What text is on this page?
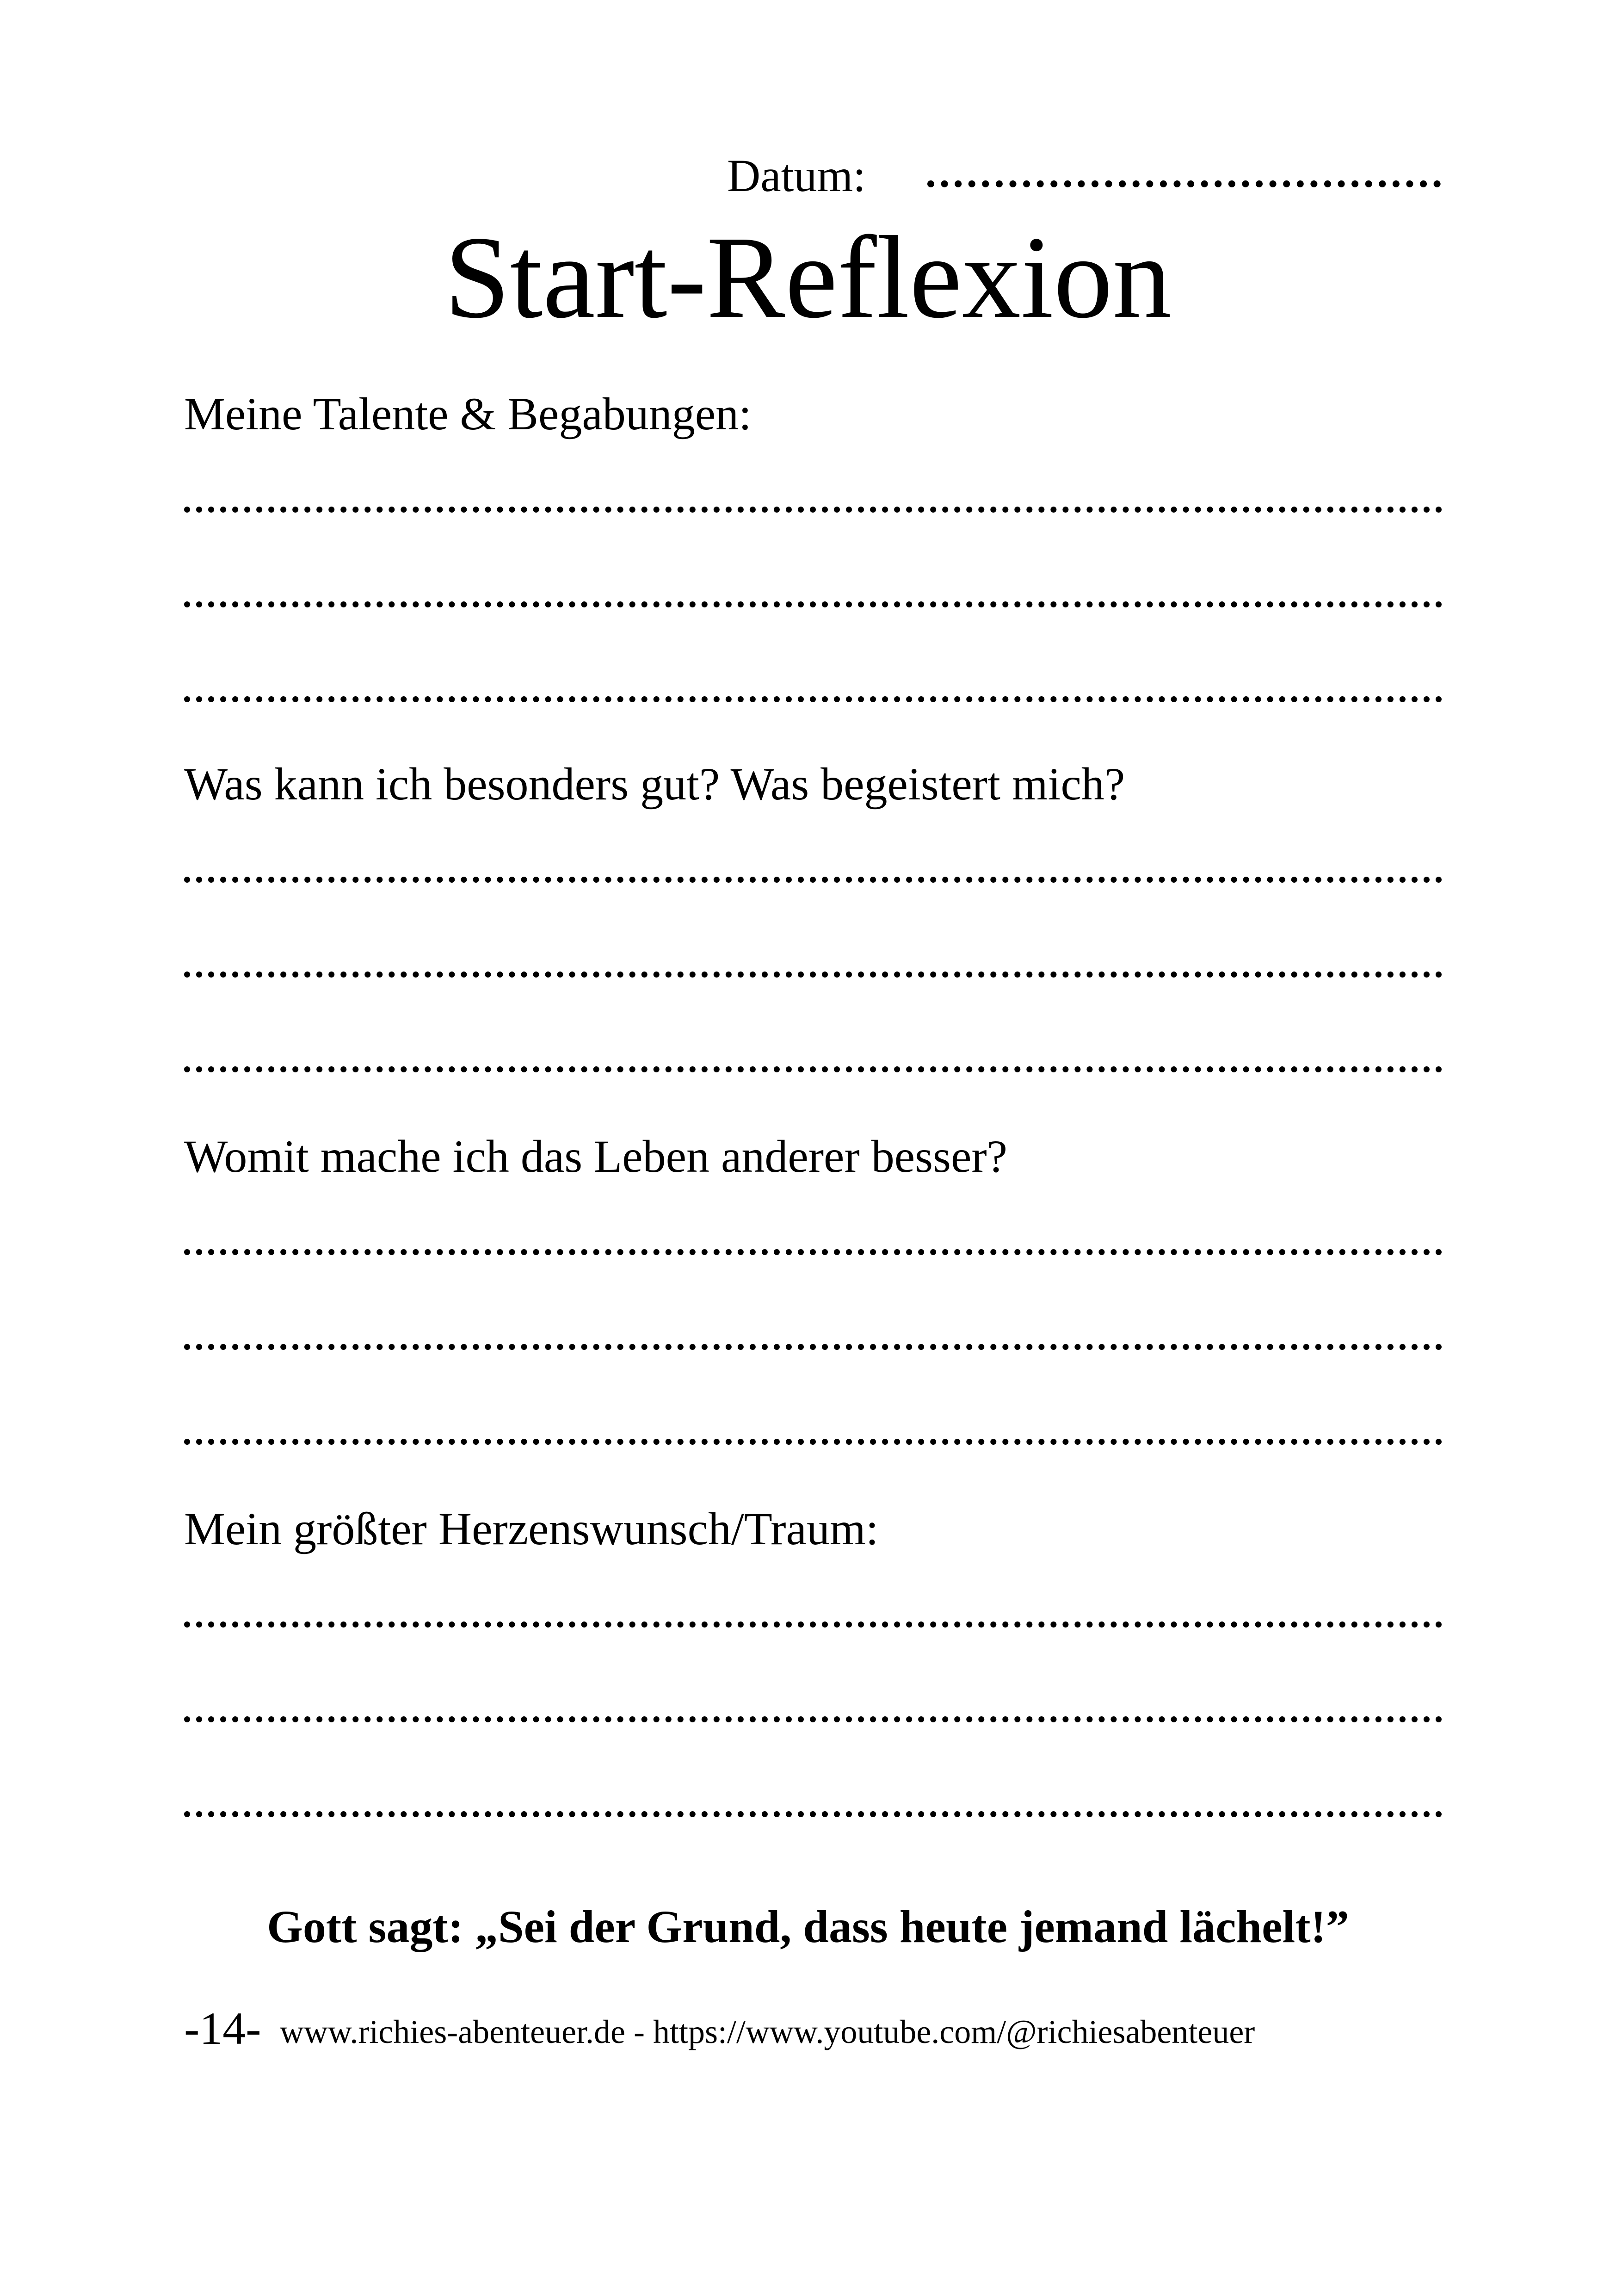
Datum:
Start-Reflexion
Meine Talente & Begabungen:
Was kann ich besonders gut? Was begeistert mich?
Womit mache ich das Leben anderer besser?
Mein größter Herzenswunsch/Traum:
Gott sagt: „Sei der Grund, dass heute jemand lächelt!”
-14- www.richies-abenteuer.de - https://www.youtube.com/@richiesabenteuer
